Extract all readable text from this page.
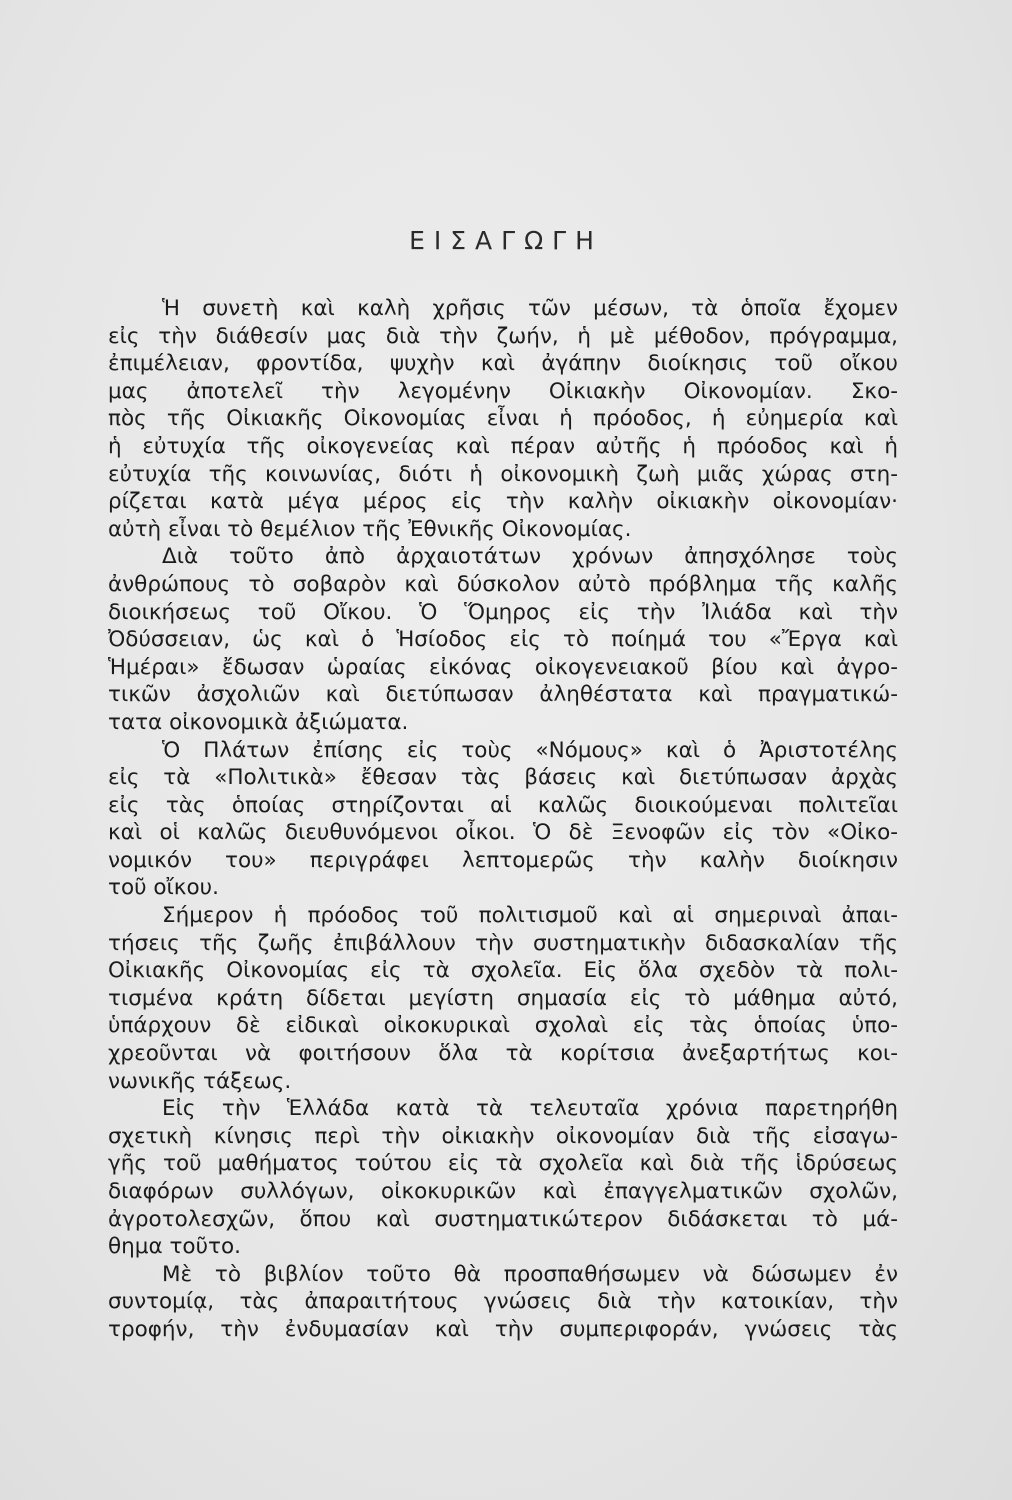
ΕΙΣΑΓΩΓΗ
Ἡ συνετὴ καὶ καλὴ χρῆσις τῶν μέσων, τὰ ὁποῖα ἔχομεν
εἰς τὴν διάθεσίν μας διὰ τὴν ζωήν, ἡ μὲ μέθοδον, πρόγραμμα,
ἐπιμέλειαν, φροντίδα, ψυχὴν καὶ ἀγάπην διοίκησις τοῦ οἴκου
μας ἀποτελεῖ τὴν λεγομένην Οἰκιακὴν Οἰκονομίαν. Σκο-
πὸς τῆς Οἰκιακῆς Οἰκονομίας εἶναι ἡ πρόοδος, ἡ εὐημερία καὶ
ἡ εὐτυχία τῆς οἰκογενείας καὶ πέραν αὐτῆς ἡ πρόοδος καὶ ἡ
εὐτυχία τῆς κοινωνίας, διότι ἡ οἰκονομικὴ ζωὴ μιᾶς χώρας στη-
ρίζεται κατὰ μέγα μέρος εἰς τὴν καλὴν οἰκιακὴν οἰκονομίαν·
αὐτὴ εἶναι τὸ θεμέλιον τῆς Ἐθνικῆς Οἰκονομίας.
Διὰ τοῦτο ἀπὸ ἀρχαιοτάτων χρόνων ἀπησχόλησε τοὺς
ἀνθρώπους τὸ σοβαρὸν καὶ δύσκολον αὐτὸ πρόβλημα τῆς καλῆς
διοικήσεως τοῦ Οἴκου. Ὁ Ὅμηρος εἰς τὴν Ἰλιάδα καὶ τὴν
Ὀδύσσειαν, ὡς καὶ ὁ Ἡσίοδος εἰς τὸ ποίημά του «Ἔργα καὶ
Ἡμέραι» ἔδωσαν ὡραίας εἰκόνας οἰκογενειακοῦ βίου καὶ ἀγρο-
τικῶν ἀσχολιῶν καὶ διετύπωσαν ἀληθέστατα καὶ πραγματικώ-
τατα οἰκονομικὰ ἀξιώματα.
Ὁ Πλάτων ἐπίσης εἰς τοὺς «Νόμους» καὶ ὁ Ἀριστοτέλης
εἰς τὰ «Πολιτικὰ» ἔθεσαν τὰς βάσεις καὶ διετύπωσαν ἀρχὰς
εἰς τὰς ὁποίας στηρίζονται αἱ καλῶς διοικούμεναι πολιτεῖαι
καὶ οἱ καλῶς διευθυνόμενοι οἶκοι. Ὁ δὲ Ξενοφῶν εἰς τὸν «Οἰκο-
νομικόν του» περιγράφει λεπτομερῶς τὴν καλὴν διοίκησιν
τοῦ οἴκου.
Σήμερον ἡ πρόοδος τοῦ πολιτισμοῦ καὶ αἱ σημεριναὶ ἀπαι-
τήσεις τῆς ζωῆς ἐπιβάλλουν τὴν συστηματικὴν διδασκαλίαν τῆς
Οἰκιακῆς Οἰκονομίας εἰς τὰ σχολεῖα. Εἰς ὅλα σχεδὸν τὰ πολι-
τισμένα κράτη δίδεται μεγίστη σημασία εἰς τὸ μάθημα αὐτό,
ὑπάρχουν δὲ εἰδικαὶ οἰκοκυρικαὶ σχολαὶ εἰς τὰς ὁποίας ὑπο-
χρεοῦνται νὰ φοιτήσουν ὅλα τὰ κορίτσια ἀνεξαρτήτως κοι-
νωνικῆς τάξεως.
Εἰς τὴν Ἑλλάδα κατὰ τὰ τελευταῖα χρόνια παρετηρήθη
σχετικὴ κίνησις περὶ τὴν οἰκιακὴν οἰκονομίαν διὰ τῆς εἰσαγω-
γῆς τοῦ μαθήματος τούτου εἰς τὰ σχολεῖα καὶ διὰ τῆς ἱδρύσεως
διαφόρων συλλόγων, οἰκοκυρικῶν καὶ ἐπαγγελματικῶν σχολῶν,
ἀγροτολεσχῶν, ὅπου καὶ συστηματικώτερον διδάσκεται τὸ μά-
θημα τοῦτο.
Μὲ τὸ βιβλίον τοῦτο θὰ προσπαθήσωμεν νὰ δώσωμεν ἐν
συντομίᾳ, τὰς ἀπαραιτήτους γνώσεις διὰ τὴν κατοικίαν, τὴν
τροφήν, τὴν ἐνδυμασίαν καὶ τὴν συμπεριφοράν, γνώσεις τὰς
